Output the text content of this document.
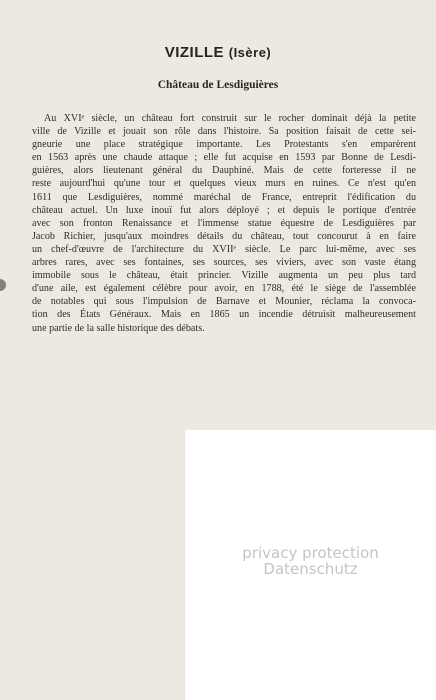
VIZILLE (Isère)
Château de Lesdiguières
Au XVIᵉ siècle, un château fort construit sur le rocher dominait déjà la petite
ville de Vizille et jouait son rôle dans l'histoire. Sa position faisait de cette sei-
gneurie une place stratégique importante. Les Protestants s'en emparèrent
en 1563 après une chaude attaque ; elle fut acquise en 1593 par Bonne de Lesdi-
guières, alors lieutenant général du Dauphiné. Mais de cette forteresse il ne
reste aujourd'hui qu'une tour et quelques vieux murs en ruines. Ce n'est qu'en
1611 que Lesdiguières, nommé maréchal de France, entreprit l'édification du
château actuel. Un luxe inouï fut alors déployé ; et depuis le portique d'entrée
avec son fronton Renaissance et l'immense statue équestre de Lesdiguières par
Jacob Richier, jusqu'aux moindres détails du château, tout concourut à en faire
un chef-d'œuvre de l'architecture du XVIIᵉ siècle. Le parc lui-même, avec ses
arbres rares, avec ses fontaines, ses sources, ses viviers, avec son vaste étang
immobile sous le château, était princier. Vizille augmenta un peu plus tard
d'une aile, est également célèbre pour avoir, en 1788, été le siège de l'assemblée
de notables qui sous l'impulsion de Barnave et Mounier, réclama la convoca-
tion des États Généraux. Mais en 1865 un incendie détruisit malheureusement
une partie de la salle historique des débats.
privacy protection
Datenschutz
